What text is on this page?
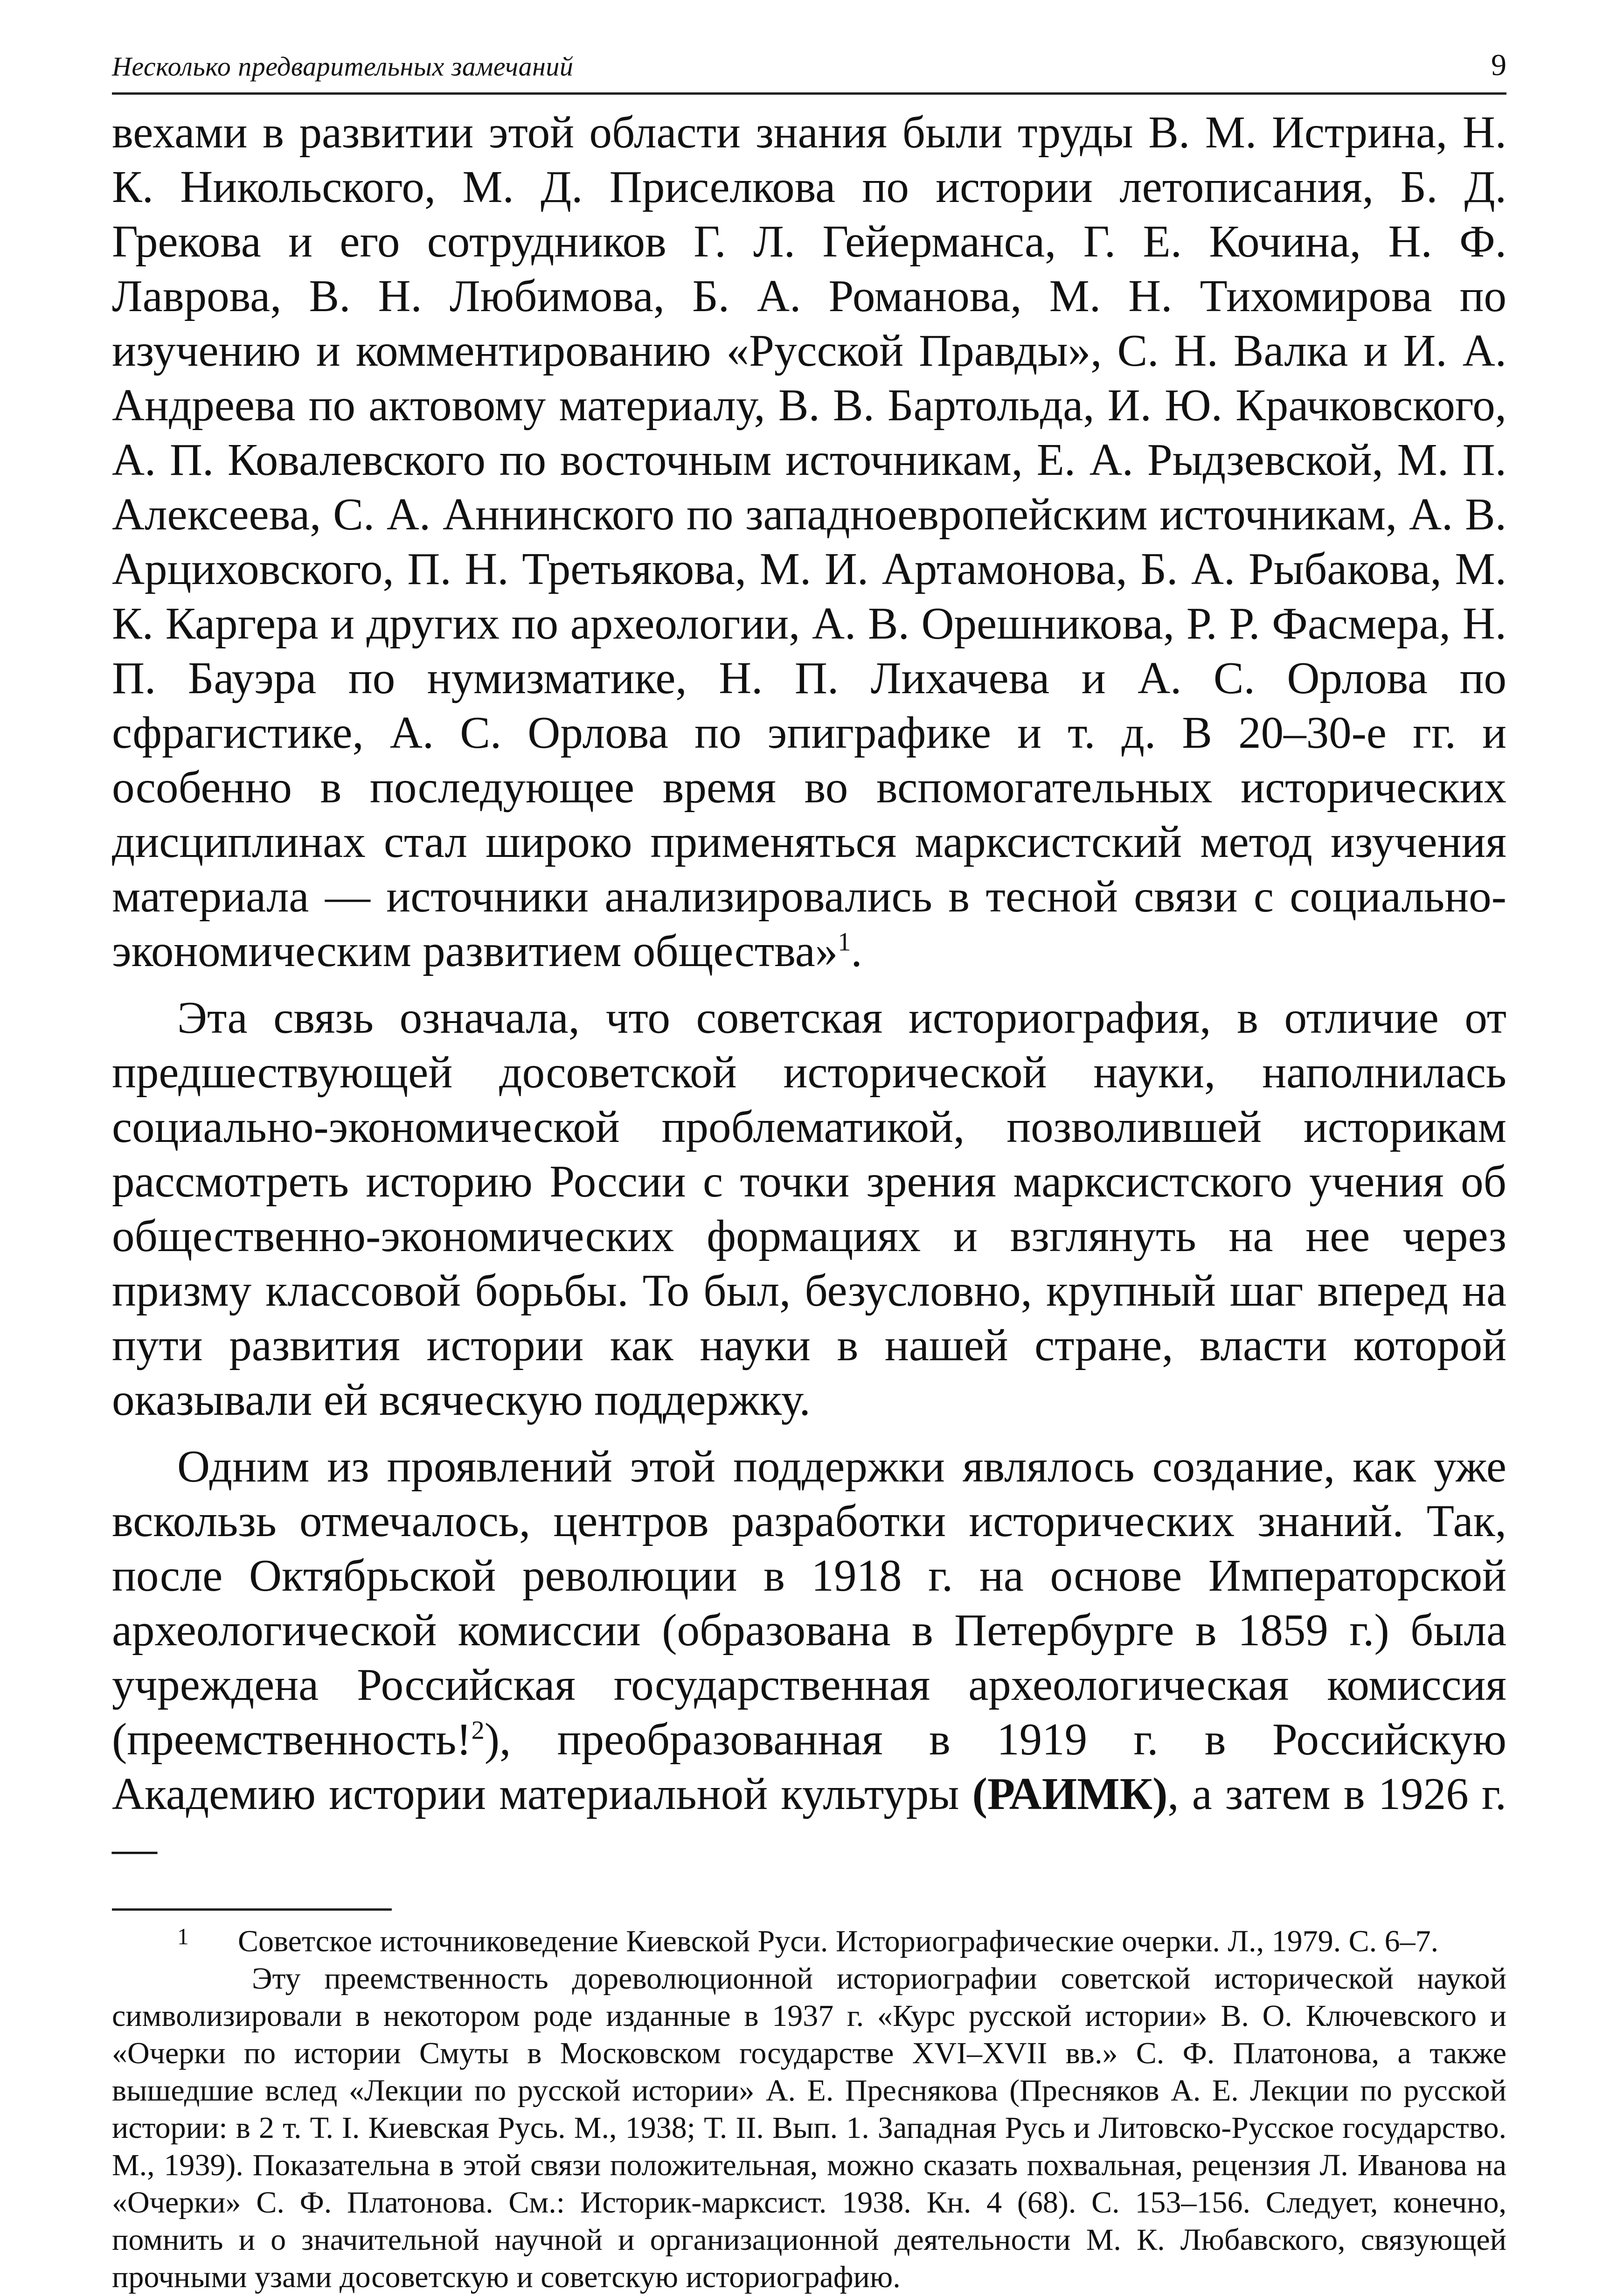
Несколько предварительных замечаний	9

вехами в развитии этой области знания были труды В. М. Истрина, Н. К. Никольского, М. Д. Приселкова по истории летописания, Б. Д. Грекова и его сотрудников Г. Л. Гейерманса, Г. Е. Кочина, Н. Ф. Лаврова, В. Н. Любимова, Б. А. Романова, М. Н. Тихомирова по изучению и комментированию «Русской Правды», С. Н. Валка и И. А. Андреева по актовому материалу, В. В. Бартольда, И. Ю. Крачковского, А. П. Ковалевского по восточным источникам, Е. А. Рыдзевской, М. П. Алексеева, С. А. Аннинского по западноевропейским источникам, А. В. Арциховского, П. Н. Третьякова, М. И. Артамонова, Б. А. Рыбакова, М. К. Каргера и других по археологии, А. В. Орешникова, Р. Р. Фасмера, Н. П. Бауэра по нумизматике, Н. П. Лихачева и А. С. Орлова по сфрагистике, А. С. Орлова по эпиграфике и т. д. В 20–30-е гг. и особенно в последующее время во вспомогательных исторических дисциплинах стал широко применяться марксистский метод изучения материала — источники анализировались в тесной связи с социально-экономическим развитием общества»$^1$.

Эта связь означала, что советская историография, в отличие от предшествующей досоветской исторической науки, наполнилась социально-экономической проблематикой, позволившей историкам рассмотреть историю России с точки зрения марксистского учения об общественно-экономических формациях и взглянуть на нее через призму классовой борьбы. То был, безусловно, крупный шаг вперед на пути развития истории как науки в нашей стране, власти которой оказывали ей всяческую поддержку.

Одним из проявлений этой поддержки являлось создание, как уже вскользь отмечалось, центров разработки исторических знаний. Так, после Октябрьской революции в 1918 г. на основе Императорской археологической комиссии (образована в Петербурге в 1859 г.) была учреждена Российская государственная археологическая комиссия (преемственность!$^2$), преобразованная в 1919 г. в Российскую Академию истории материальной культуры (РАИМК), а затем в 1926 г. —

1 Советское источниковедение Киевской Руси. Историографические очерки. Л., 1979. С. 6–7.

Эту преемственность дореволюционной историографии советской исторической наукой символизировали в некотором роде изданные в 1937 г. «Курс русской истории» В. О. Ключевского и «Очерки по истории Смуты в Московском государстве XVI–XVII вв.» С. Ф. Платонова, а также вышедшие вслед «Лекции по русской истории» А. Е. Преснякова (Пресняков А. Е. Лекции по русской истории: в 2 т. Т. I. Киевская Русь. М., 1938; Т. II. Вып. 1. Западная Русь и Литовско-Русское государство. М., 1939). Показательна в этой связи положительная, можно сказать похвальная, рецензия Л. Иванова на «Очерки» С. Ф. Платонова. См.: Историк-марксист. 1938. Кн. 4 (68). С. 153–156. Следует, конечно, помнить и о значительной научной и организационной деятельности М. К. Любавского, связующей прочными узами досоветскую и советскую историографию.
